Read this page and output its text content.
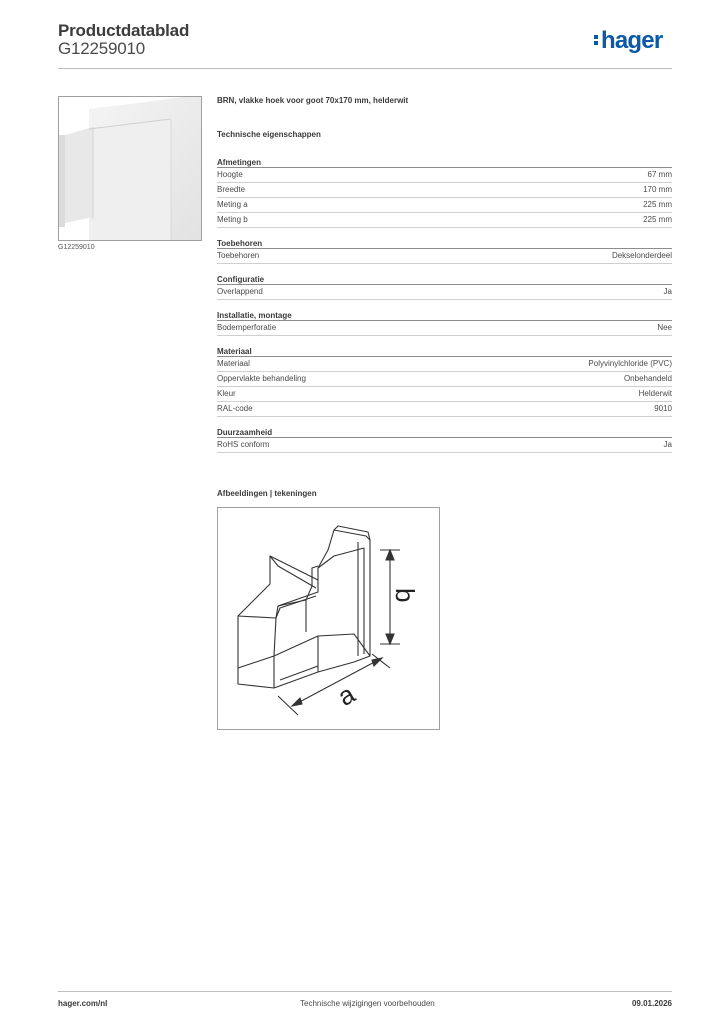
Productdatablad
G12259010	hager
G12259010
BRN, vlakke hoek voor goot 70x170 mm, helderwit
Technische eigenschappen
Afmetingen
Hoogte	67 mm
Breedte	170 mm
Meting a	225 mm
Meting b	225 mm
Toebehoren
Toebehoren	Dekselonderdeel
Configuratie
Overlappend	Ja
Installatie, montage
Bodemperforatie	Nee
Materiaal
Materiaal	Polyvinylchloride (PVC)
Oppervlakte behandeling	Onbehandeld
Kleur	Helderwit
RAL-code	9010
Duurzaamheid
RoHS conform	Ja
Afbeeldingen | tekeningen
a
b
hager.com/nl	Technische wijzigingen voorbehouden	09.01.2026
